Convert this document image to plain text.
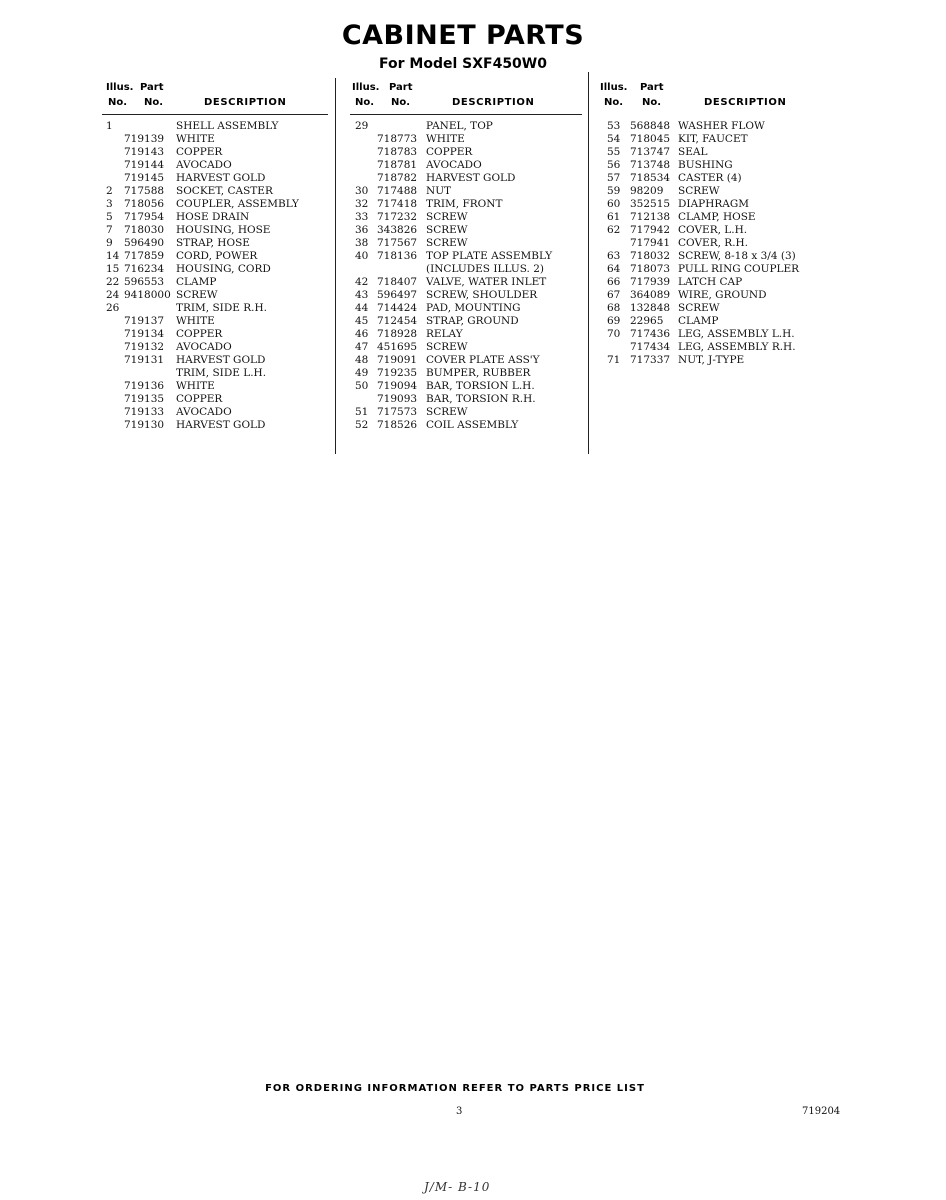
CABINET PARTS
For Model SXF450W0
Illus. Part
No. No.	DESCRIPTION
1	SHELL ASSEMBLY
719139 WHITE
719143 COPPER
719144 AVOCADO
719145 HARVEST GOLD
2 717588 SOCKET, CASTER
3 718056 COUPLER, ASSEMBLY
5 717954 HOSE DRAIN
7 718030 HOUSING, HOSE
9 596490 STRAP, HOSE
14 717859 CORD, POWER
15 716234 HOUSING, CORD
22 596553 CLAMP
24 9418000 SCREW
26	TRIM, SIDE R.H.
719137 WHITE
719134 COPPER
719132 AVOCADO
719131 HARVEST GOLD
TRIM, SIDE L.H.
719136 WHITE
719135 COPPER
719133 AVOCADO
719130 HARVEST GOLD
Illus. Part
No. No.	DESCRIPTION
29	PANEL, TOP
718773 WHITE
718783 COPPER
718781 AVOCADO
718782 HARVEST GOLD
30 717488 NUT
32 717418 TRIM, FRONT
33 717232 SCREW
36 343826 SCREW
38 717567 SCREW
40 718136 TOP PLATE ASSEMBLY
(INCLUDES ILLUS. 2)
42 718407 VALVE, WATER INLET
43 596497 SCREW, SHOULDER
44 714424 PAD, MOUNTING
45 712454 STRAP, GROUND
46 718928 RELAY
47 451695 SCREW
48 719091 COVER PLATE ASS'Y
49 719235 BUMPER, RUBBER
50 719094 BAR, TORSION L.H.
719093 BAR, TORSION R.H.
51 717573 SCREW
52 718526 COIL ASSEMBLY
Illus. Part
No. No.	DESCRIPTION
53 568848 WASHER FLOW
54 718045 KIT, FAUCET
55 713747 SEAL
56 713748 BUSHING
57 718534 CASTER (4)
59 98209 SCREW
60 352515 DIAPHRAGM
61 712138 CLAMP, HOSE
62 717942 COVER, L.H.
717941 COVER, R.H.
63 718032 SCREW, 8-18 x 3/4 (3)
64 718073 PULL RING COUPLER
66 717939 LATCH CAP
67 364089 WIRE, GROUND
68 132848 SCREW
69 22965 CLAMP
70 717436 LEG, ASSEMBLY L.H.
717434 LEG, ASSEMBLY R.H.
71 717337 NUT, J-TYPE
FOR ORDERING INFORMATION REFER TO PARTS PRICE LIST
3	719204
J/M- B-10
